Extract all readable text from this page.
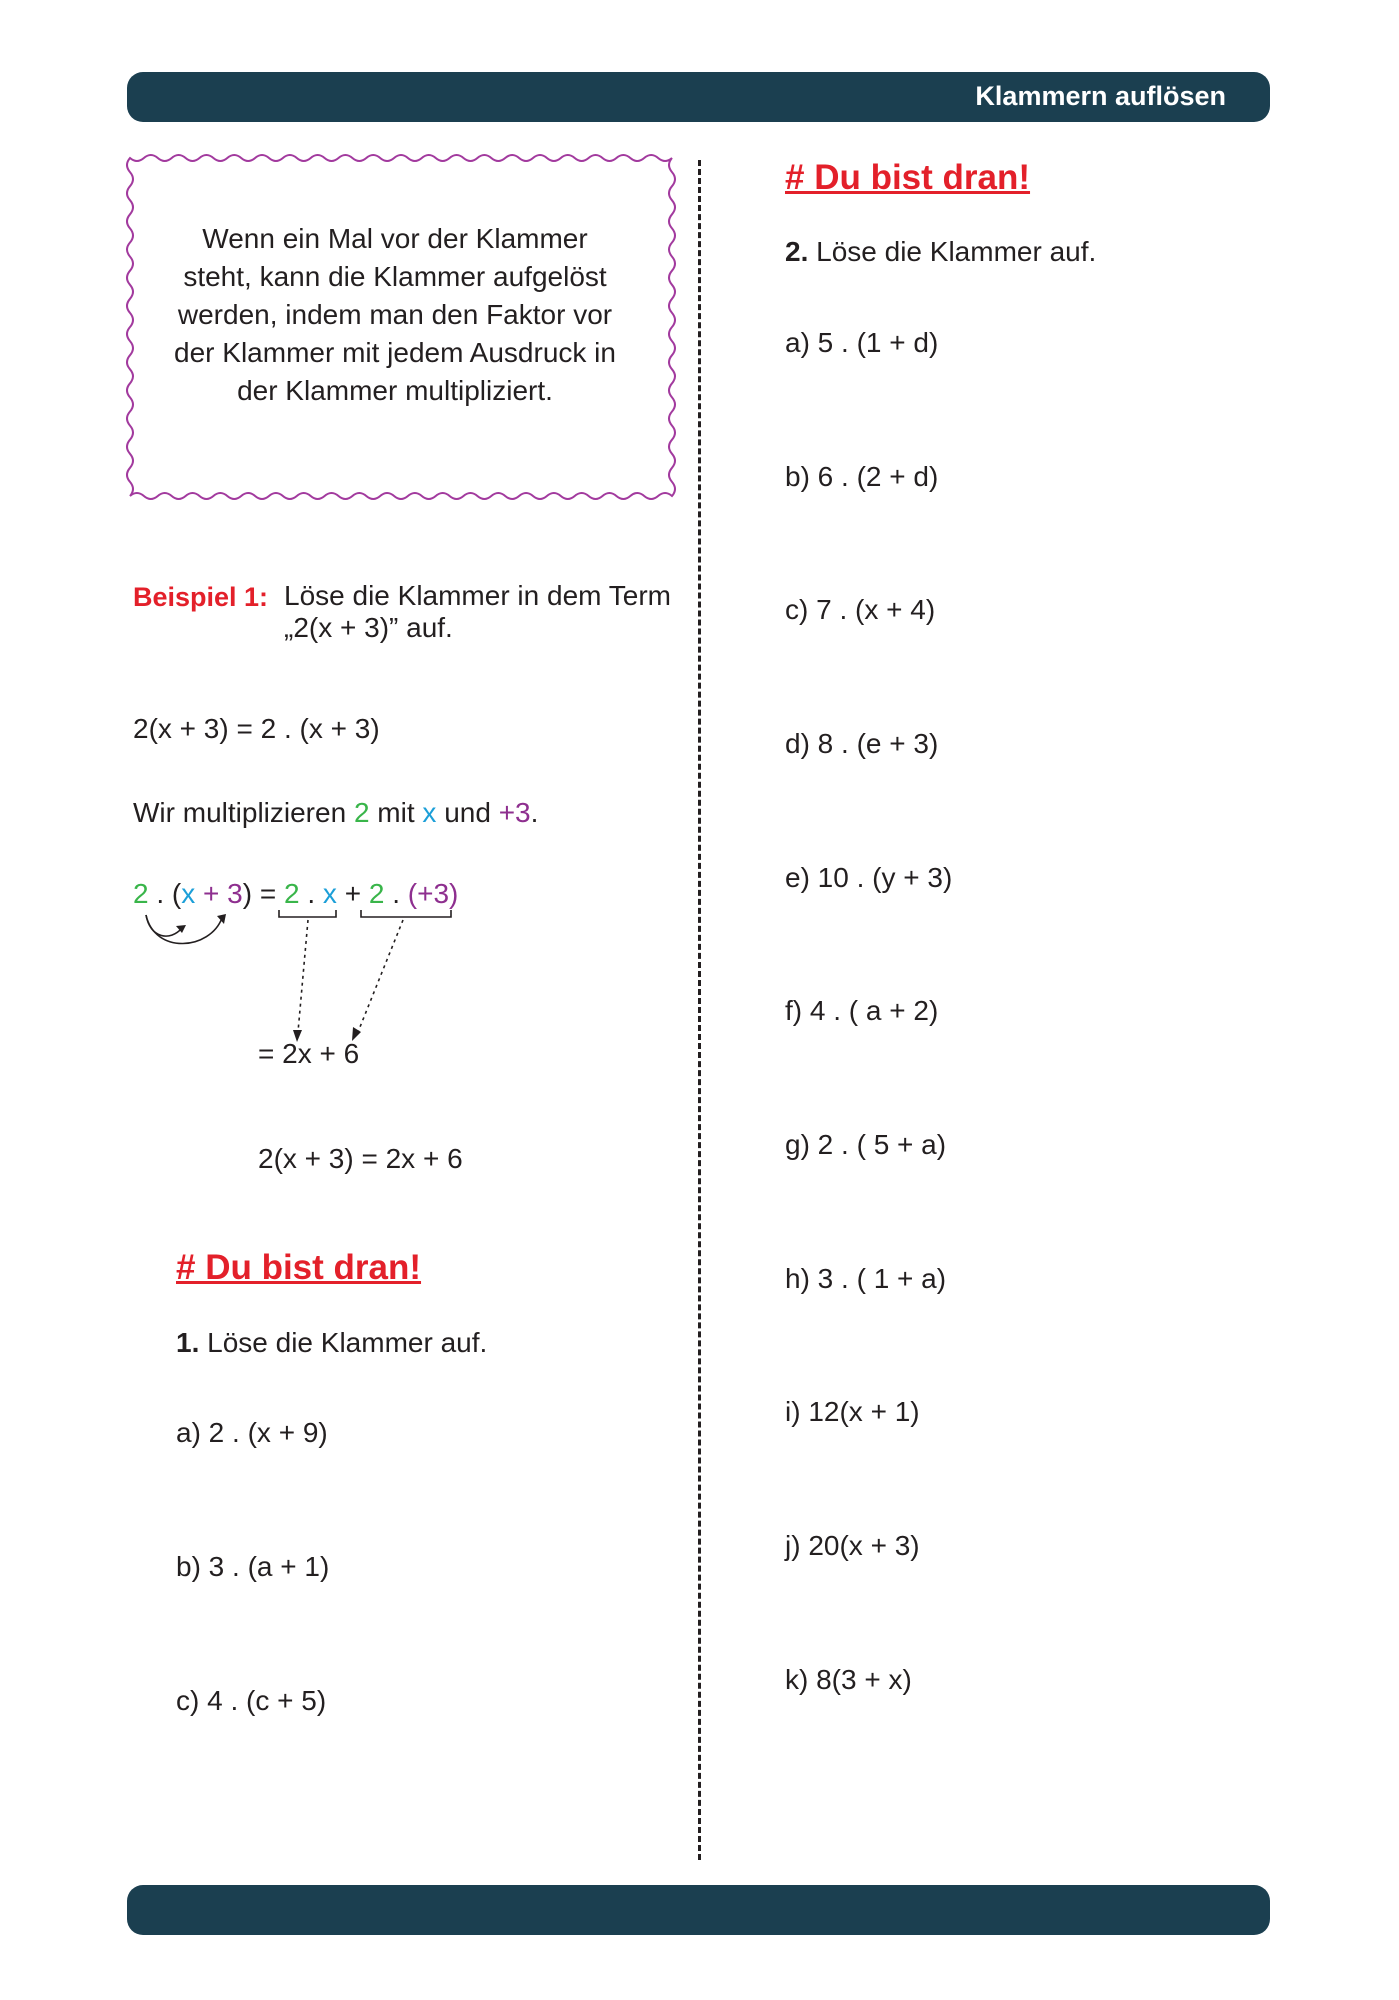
Klammern auflösen
Wenn ein Mal vor der Klammer steht, kann die Klammer aufgelöst werden, indem man den Faktor vor der Klammer mit jedem Ausdruck in der Klammer multipliziert.
Beispiel 1: Löse die Klammer in dem Term
„2(x + 3)” auf.
2(x + 3) = 2 . (x + 3)
Wir multiplizieren 2 mit x und +3.
2 . (x + 3) = 2 . x + 2 . (+3)
= 2x + 6
2(x + 3) = 2x + 6
# Du bist dran!
1. Löse die Klammer auf.
a) 2 . (x + 9)
b) 3 . (a + 1)
c) 4 . (c + 5)
# Du bist dran!
2. Löse die Klammer auf.
a) 5 . (1 + d)
b) 6 . (2 + d)
c) 7 . (x + 4)
d) 8 . (e + 3)
e) 10 . (y + 3)
f) 4 . ( a + 2)
g) 2 . ( 5 + a)
h) 3 . ( 1 + a)
i) 12(x + 1)
j) 20(x + 3)
k) 8(3 + x)
